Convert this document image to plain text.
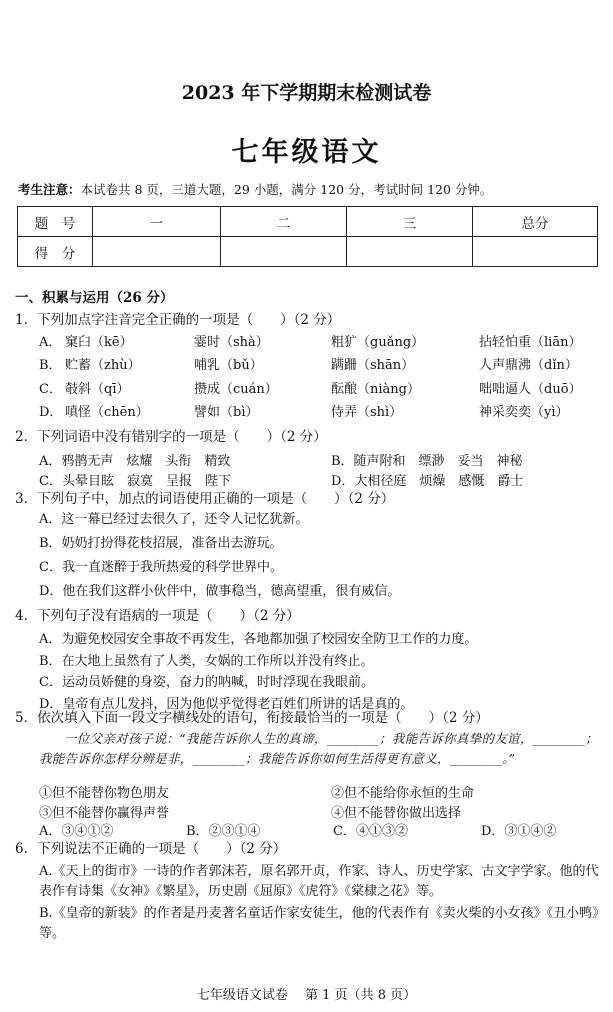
2023 年下学期期末检测试卷
七年级语文
考生注意：本试卷共 8 页，三道大题，29 小题，满分 120 分，考试时间 120 分钟。
题　号	一	二	三	总分
得　分				
一、积累与运用（26 分）
1．下列加点字注音完全正确的一项是（　　）（2 分）
A． 窠臼（kē）	霎时（shà）	粗犷（guǎng）	拈轻怕重（liān）
B． 贮蓄（zhù）	哺乳（bǔ）	蹒跚（shān）	人声鼎沸（dǐn）
C． 攲斜（qī）	攒成（cuán）	酝酿（niàng）	咄咄逼人（duō）
D． 嗔怪（chēn）	譬如（bì）	侍弄（shì）	神采奕奕（yì）
2．下列词语中没有错别字的一项是（　　）（2 分）
A．鸦鹊无声　炫耀　头衔　精致	B．随声附和　缥渺　妥当　神秘
C．头晕目眩　寂寞　呈报　陛下	D．大相径庭　烦燥　感慨　爵士
3．下列句子中，加点的词语使用正确的一项是（　　）（2 分）
A．这一幕已经过去很久了，还令人记忆犹新。
B．奶奶打扮得花枝招展，准备出去游玩。
C．我一直迷醉于我所热爱的科学世界中。
D．他在我们这群小伙伴中，做事稳当，德高望重，很有威信。
4．下列句子没有语病的一项是（　　）（2 分）
A．为避免校园安全事故不再发生，各地都加强了校园安全防卫工作的力度。
B．在大地上虽然有了人类，女娲的工作所以并没有终止。
C．运动员娇健的身姿，奋力的呐喊，时时浮现在我眼前。
D．皇帝有点儿发抖，因为他似乎觉得老百姓们所讲的话是真的。
5．依次填入下面一段文字横线处的语句，衔接最恰当的一项是（　　）（2 分）
一位父亲对孩子说：“我能告诉你人生的真谛，________；我能告诉你真挚的友谊，________；我能告诉你怎样分辨是非，________；我能告诉你如何生活得更有意义，________。”
①但不能替你物色朋友	②但不能给你永恒的生命
③但不能替你赢得声誉	④但不能替你做出选择
A．③④①②	B．②③①④	C．④①③②	D．③①④②
6．下列说法不正确的一项是（　　）（2 分）
A.《天上的街市》一诗的作者郭沫若，原名郭开贞，作家、诗人、历史学家、古文字学家。他的代表作有诗集《女神》《繁星》，历史剧《屈原》《虎符》《棠棣之花》等。
B.《皇帝的新装》的作者是丹麦著名童话作家安徒生，他的代表作有《卖火柴的小女孩》《丑小鸭》等。
七年级语文试卷　 第 1 页（共 8 页）
